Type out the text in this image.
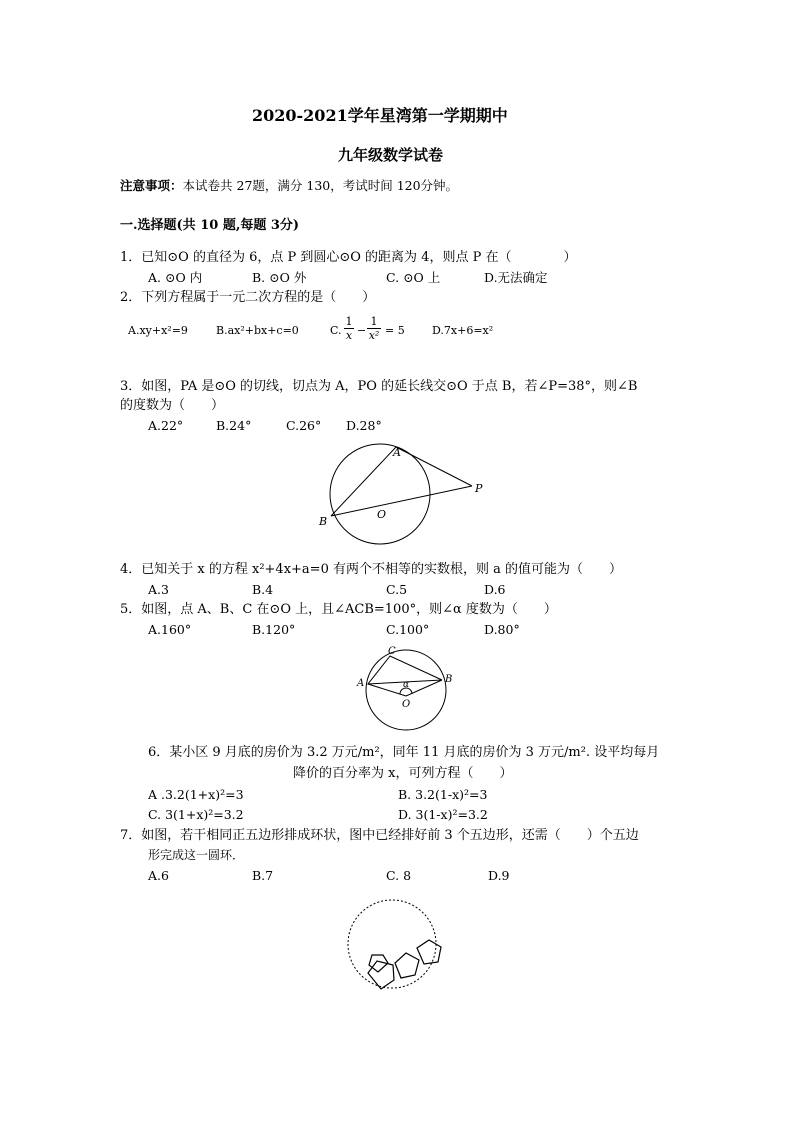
2020-2021学年星湾第一学期期中
九年级数学试卷
注意事项：本试卷共 27题，满分 130，考试时间 120分钟。
一.选择题(共 10 题,每题 3分)
1．已知⊙O 的直径为 6，点 P 到圆心⊙O 的距离为 4，则点 P 在（　　　　）
A. ⊙O 内	B. ⊙O 外	C. ⊙O 上	D.无法确定
2．下列方程属于一元二次方程的是（　　）
A.xy+x²=9	B.ax²+bx+c=0	C.
1
x −
1
x² = 5 D.7x+6=x²
3．如图，PA 是⊙O 的切线，切点为 A，PO 的延长线交⊙O 于点 B，若∠P=38°，则∠B
的度数为（　　）
A.22°	B.24°	C.26° D.28°
A
P
O
B
4．已知关于 x 的方程 x²+4x+a=0 有两个不相等的实数根，则 a 的值可能为（　　）
A.3	B.4	C.5	D.6
5．如图，点 A、B、C 在⊙O 上，且∠ACB=100°，则∠α 度数为（　　）
A.160°	B.120°	C.100°	D.80°
C
A	α	B
O
6．某小区 9 月底的房价为 3.2 万元/m²，同年 11 月底的房价为 3 万元/m². 设平均每月
降价的百分率为 x，可列方程（　　）
A .3.2(1+x)²=3	B. 3.2(1-x)²=3
C. 3(1+x)²=3.2	D. 3(1-x)²=3.2
7．如图，若干相同正五边形排成环状，图中已经排好前 3 个五边形，还需（　　）个五边
形完成这一圆环．
A.6	B.7	C. 8	D.9
